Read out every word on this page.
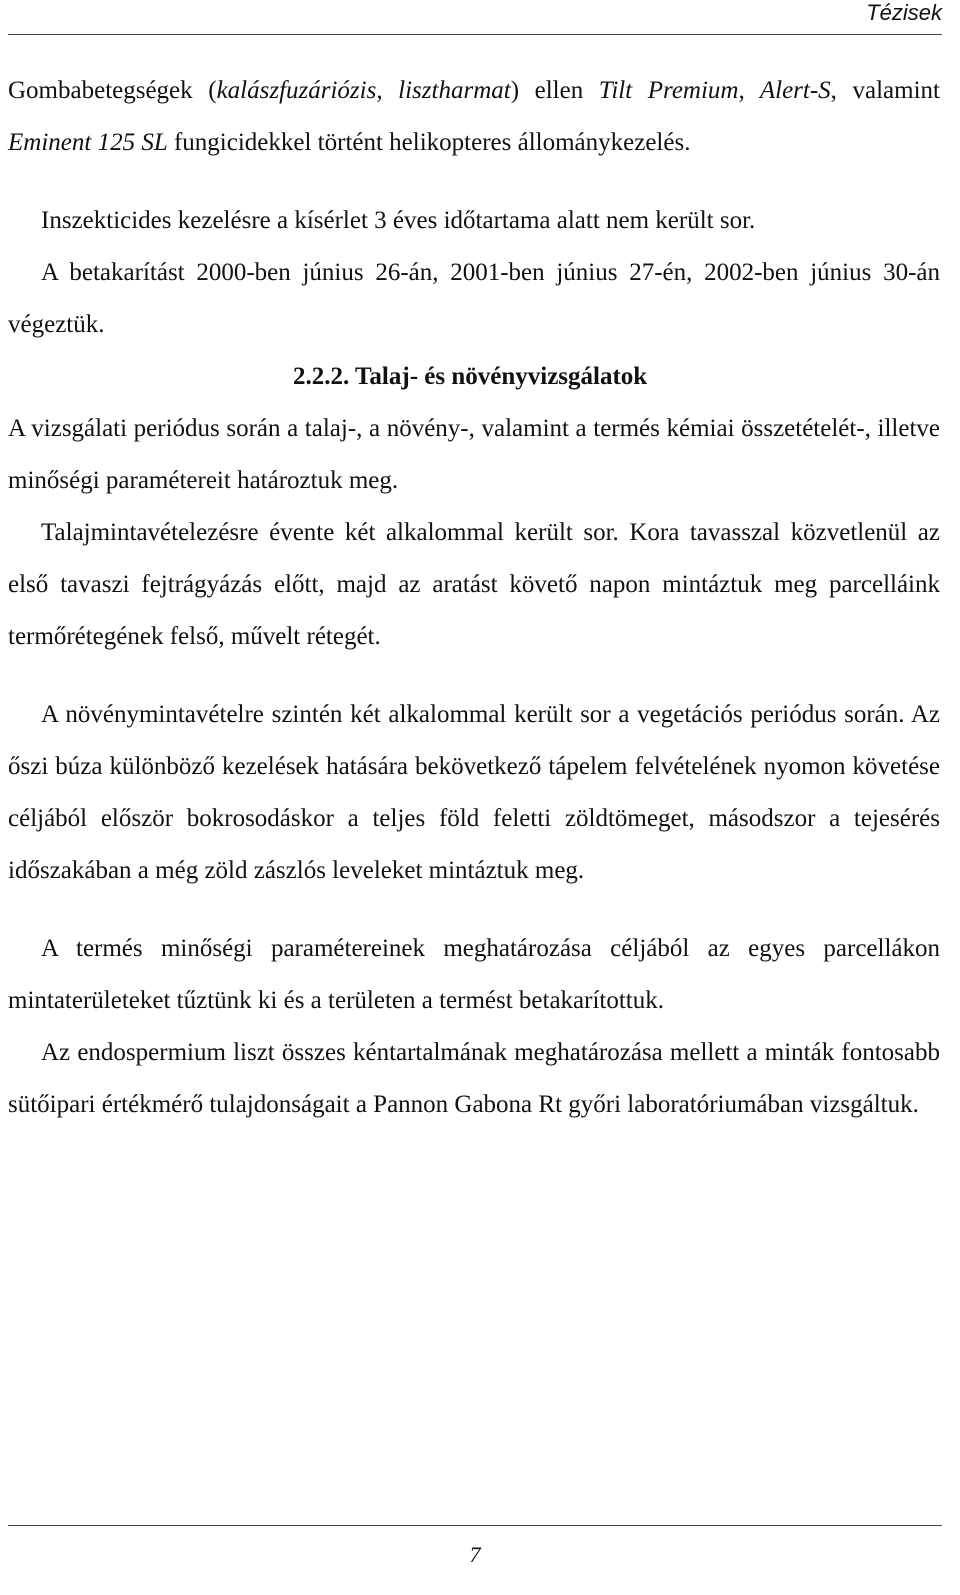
Tézisek

Gombabetegségek (kalászfuzáriózis, lisztharmat) ellen Tilt Premium, Alert-S, valamint Eminent 125 SL fungicidekkel történt helikopteres állománykezelés.

Inszekticides kezelésre a kísérlet 3 éves időtartama alatt nem került sor.

A betakarítást 2000-ben június 26-án, 2001-ben június 27-én, 2002-ben június 30-án végeztük.

2.2.2. Talaj- és növényvizsgálatok

A vizsgálati periódus során a talaj-, a növény-, valamint a termés kémiai összetételét-, illetve minőségi paramétereit határoztuk meg.

Talajmintavételezésre évente két alkalommal került sor. Kora tavasszal közvetlenül az első tavaszi fejtrágyázás előtt, majd az aratást követő napon mintáztuk meg parcelláink termőrétegének felső, művelt rétegét.

A növénymintavételre szintén két alkalommal került sor a vegetációs periódus során. Az őszi búza különböző kezelések hatására bekövetkező tápelem felvételének nyomon követése céljából először bokrosodáskor a teljes föld feletti zöldtömeget, másodszor a tejesérés időszakában a még zöld zászlós leveleket mintáztuk meg.

A termés minőségi paramétereinek meghatározása céljából az egyes parcellákon mintaterületeket tűztünk ki és a területen a termést betakarítottuk.

Az endospermium liszt összes kéntartalmának meghatározása mellett a minták fontosabb sütőipari értékmérő tulajdonságait a Pannon Gabona Rt győri laboratóriumában vizsgáltuk.

7
